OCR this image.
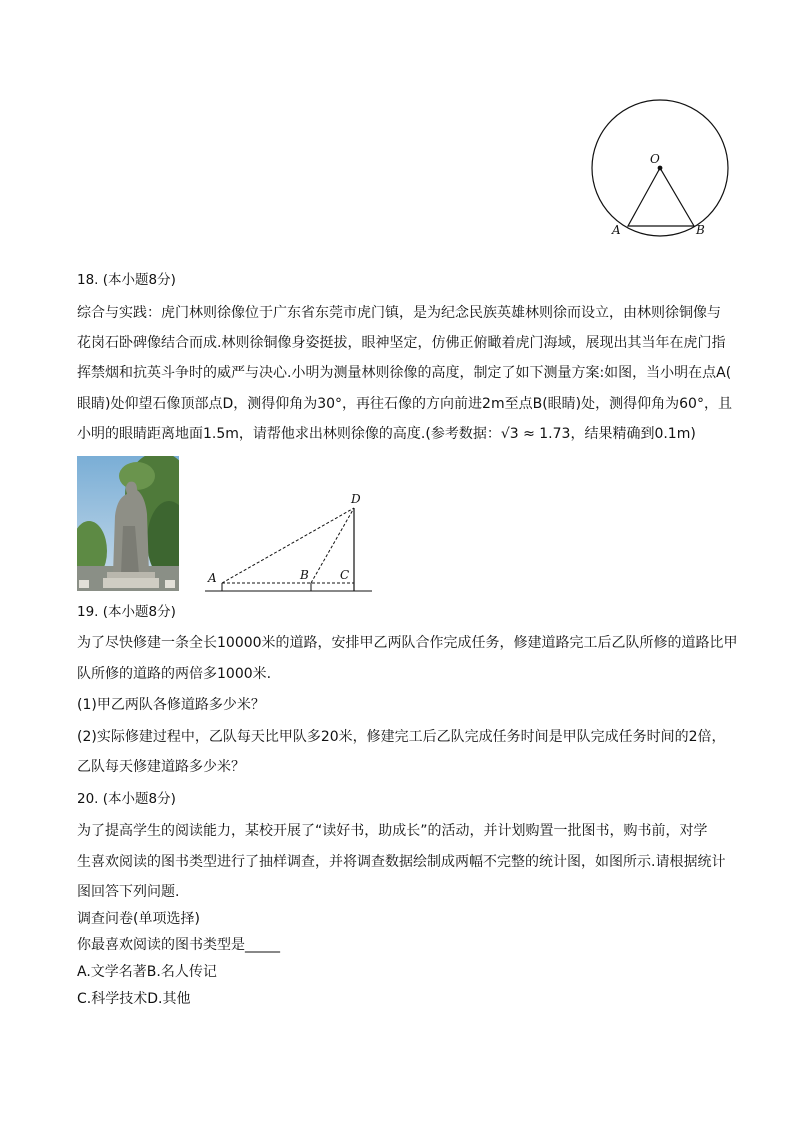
O
A	B
18. (本小题8分)
综合与实践：虎门林则徐像位于广东省东莞市虎门镇，是为纪念民族英雄林则徐而设立，由林则徐铜像与
花岗石卧碑像结合而成.林则徐铜像身姿挺拔，眼神坚定，仿佛正俯瞰着虎门海域，展现出其当年在虎门指
挥禁烟和抗英斗争时的威严与决心.小明为测量林则徐像的高度，制定了如下测量方案:如图，当小明在点A(
眼睛)处仰望石像顶部点D，测得仰角为30°，再往石像的方向前进2m至点B(眼睛)处，测得仰角为60°，且
小明的眼睛距离地面1.5m，请帮他求出林则徐像的高度.(参考数据：√3 ≈ 1.73，结果精确到0.1m)
D
A	B	C
19. (本小题8分)
为了尽快修建一条全长10000米的道路，安排甲乙两队合作完成任务，修建道路完工后乙队所修的道路比甲
队所修的道路的两倍多1000米.
(1)甲乙两队各修道路多少米？
(2)实际修建过程中，乙队每天比甲队多20米，修建完工后乙队完成任务时间是甲队完成任务时间的2倍，
乙队每天修建道路多少米？
20. (本小题8分)
为了提高学生的阅读能力，某校开展了“读好书，助成长”的活动，并计划购置一批图书，购书前，对学
生喜欢阅读的图书类型进行了抽样调查，并将调查数据绘制成两幅不完整的统计图，如图所示.请根据统计
图回答下列问题.
调查问卷(单项选择)
你最喜欢阅读的图书类型是_____
A.文学名著B.名人传记
C.科学技术D.其他
